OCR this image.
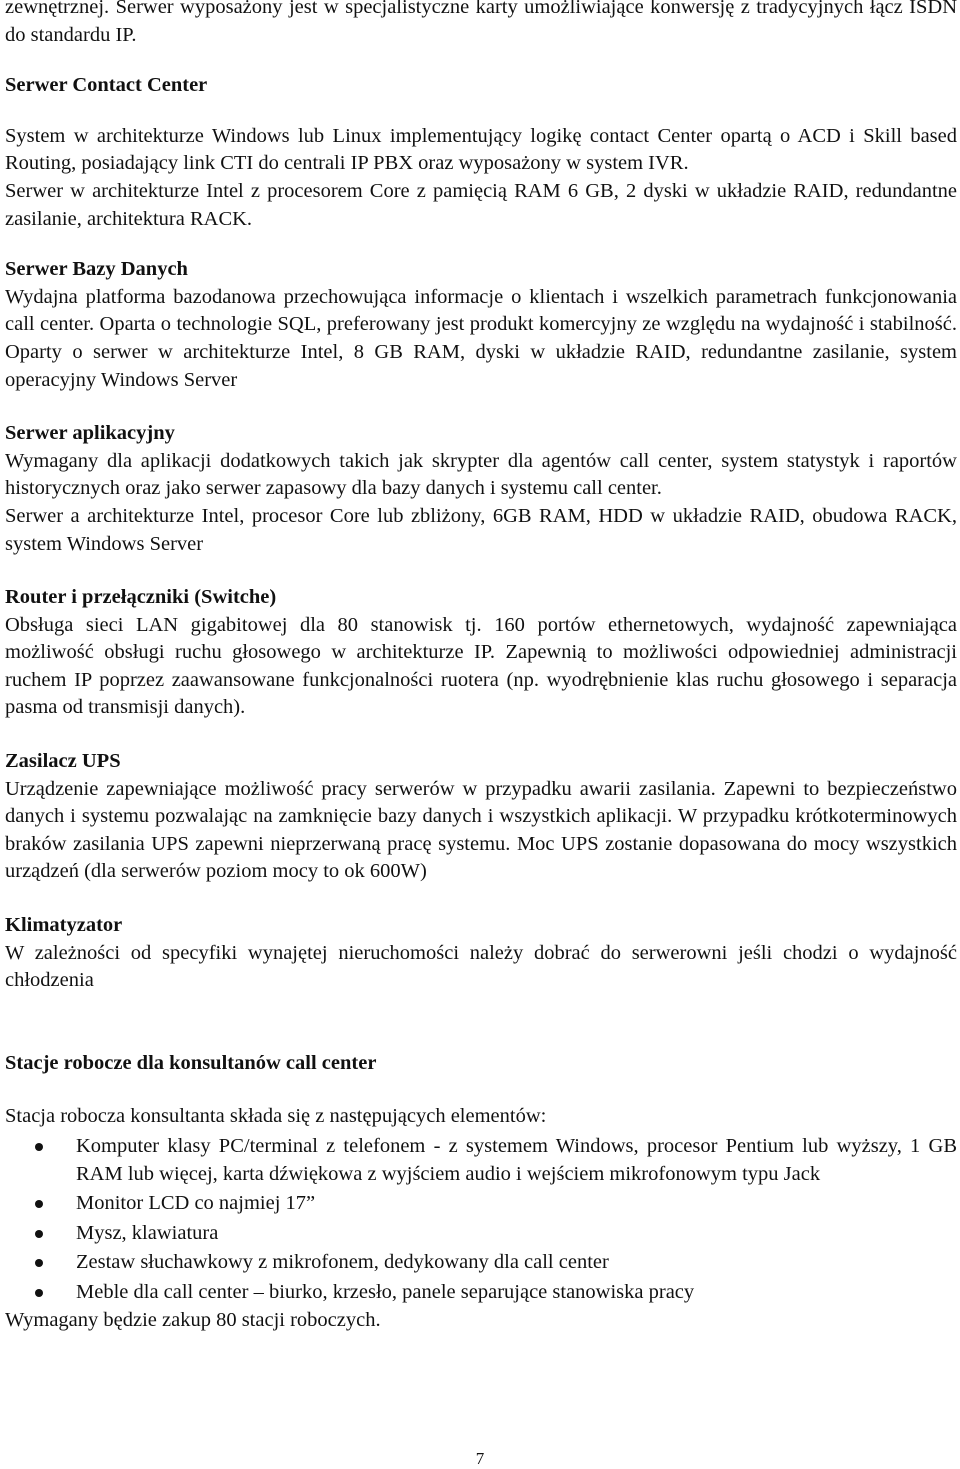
zewnętrznej. Serwer wyposażony jest w specjalistyczne karty umożliwiające konwersję z tradycyjnych łącz ISDN do standardu IP.

Serwer Contact Center

System w architekturze Windows lub Linux implementujący logikę contact Center opartą o ACD i Skill based Routing, posiadający link CTI do centrali IP PBX oraz wyposażony w system IVR.

Serwer w architekturze Intel z procesorem Core z pamięcią RAM 6 GB, 2 dyski w układzie RAID, redundantne zasilanie, architektura RACK.

Serwer Bazy Danych

Wydajna platforma bazodanowa przechowująca informacje o klientach i wszelkich parametrach funkcjonowania call center. Oparta o technologie SQL, preferowany jest produkt komercyjny ze względu na wydajność i stabilność. Oparty o serwer w architekturze Intel, 8 GB RAM, dyski w układzie RAID, redundantne zasilanie, system operacyjny Windows Server

Serwer aplikacyjny

Wymagany dla aplikacji dodatkowych takich jak skrypter dla agentów call center, system statystyk i raportów historycznych oraz jako serwer zapasowy dla bazy danych i systemu call center.

Serwer a architekturze Intel, procesor Core lub zbliżony, 6GB RAM, HDD w układzie RAID, obudowa RACK, system Windows Server

Router i przełączniki (Switche)

Obsługa sieci LAN gigabitowej dla 80 stanowisk tj. 160 portów ethernetowych, wydajność zapewniająca możliwość obsługi ruchu głosowego w architekturze IP. Zapewnią to możliwości odpowiedniej administracji ruchem IP poprzez zaawansowane funkcjonalności ruotera (np. wyodrębnienie klas ruchu głosowego i separacja pasma od transmisji danych).

Zasilacz UPS

Urządzenie zapewniające możliwość pracy serwerów w przypadku awarii zasilania. Zapewni to bezpieczeństwo danych i systemu pozwalając na zamknięcie bazy danych i wszystkich aplikacji. W przypadku krótkoterminowych braków zasilania UPS zapewni nieprzerwaną pracę systemu. Moc UPS zostanie dopasowana do mocy wszystkich urządzeń (dla serwerów poziom mocy to ok 600W)

Klimatyzator

W zależności od specyfiki wynajętej nieruchomości należy dobrać do serwerowni jeśli chodzi o wydajność chłodzenia

Stacje robocze dla konsultanów call center

Stacja robocza konsultanta składa się z następujących elementów:

Komputer klasy PC/terminal z telefonem - z systemem Windows, procesor Pentium lub wyższy, 1 GB RAM lub więcej, karta dźwiękowa z wyjściem audio i wejściem mikrofonowym typu Jack
Monitor LCD co najmiej 17”
Mysz, klawiatura
Zestaw słuchawkowy z mikrofonem, dedykowany dla call center
Meble dla call center – biurko, krzesło, panele separujące stanowiska pracy

Wymagany będzie zakup 80 stacji roboczych.

7
